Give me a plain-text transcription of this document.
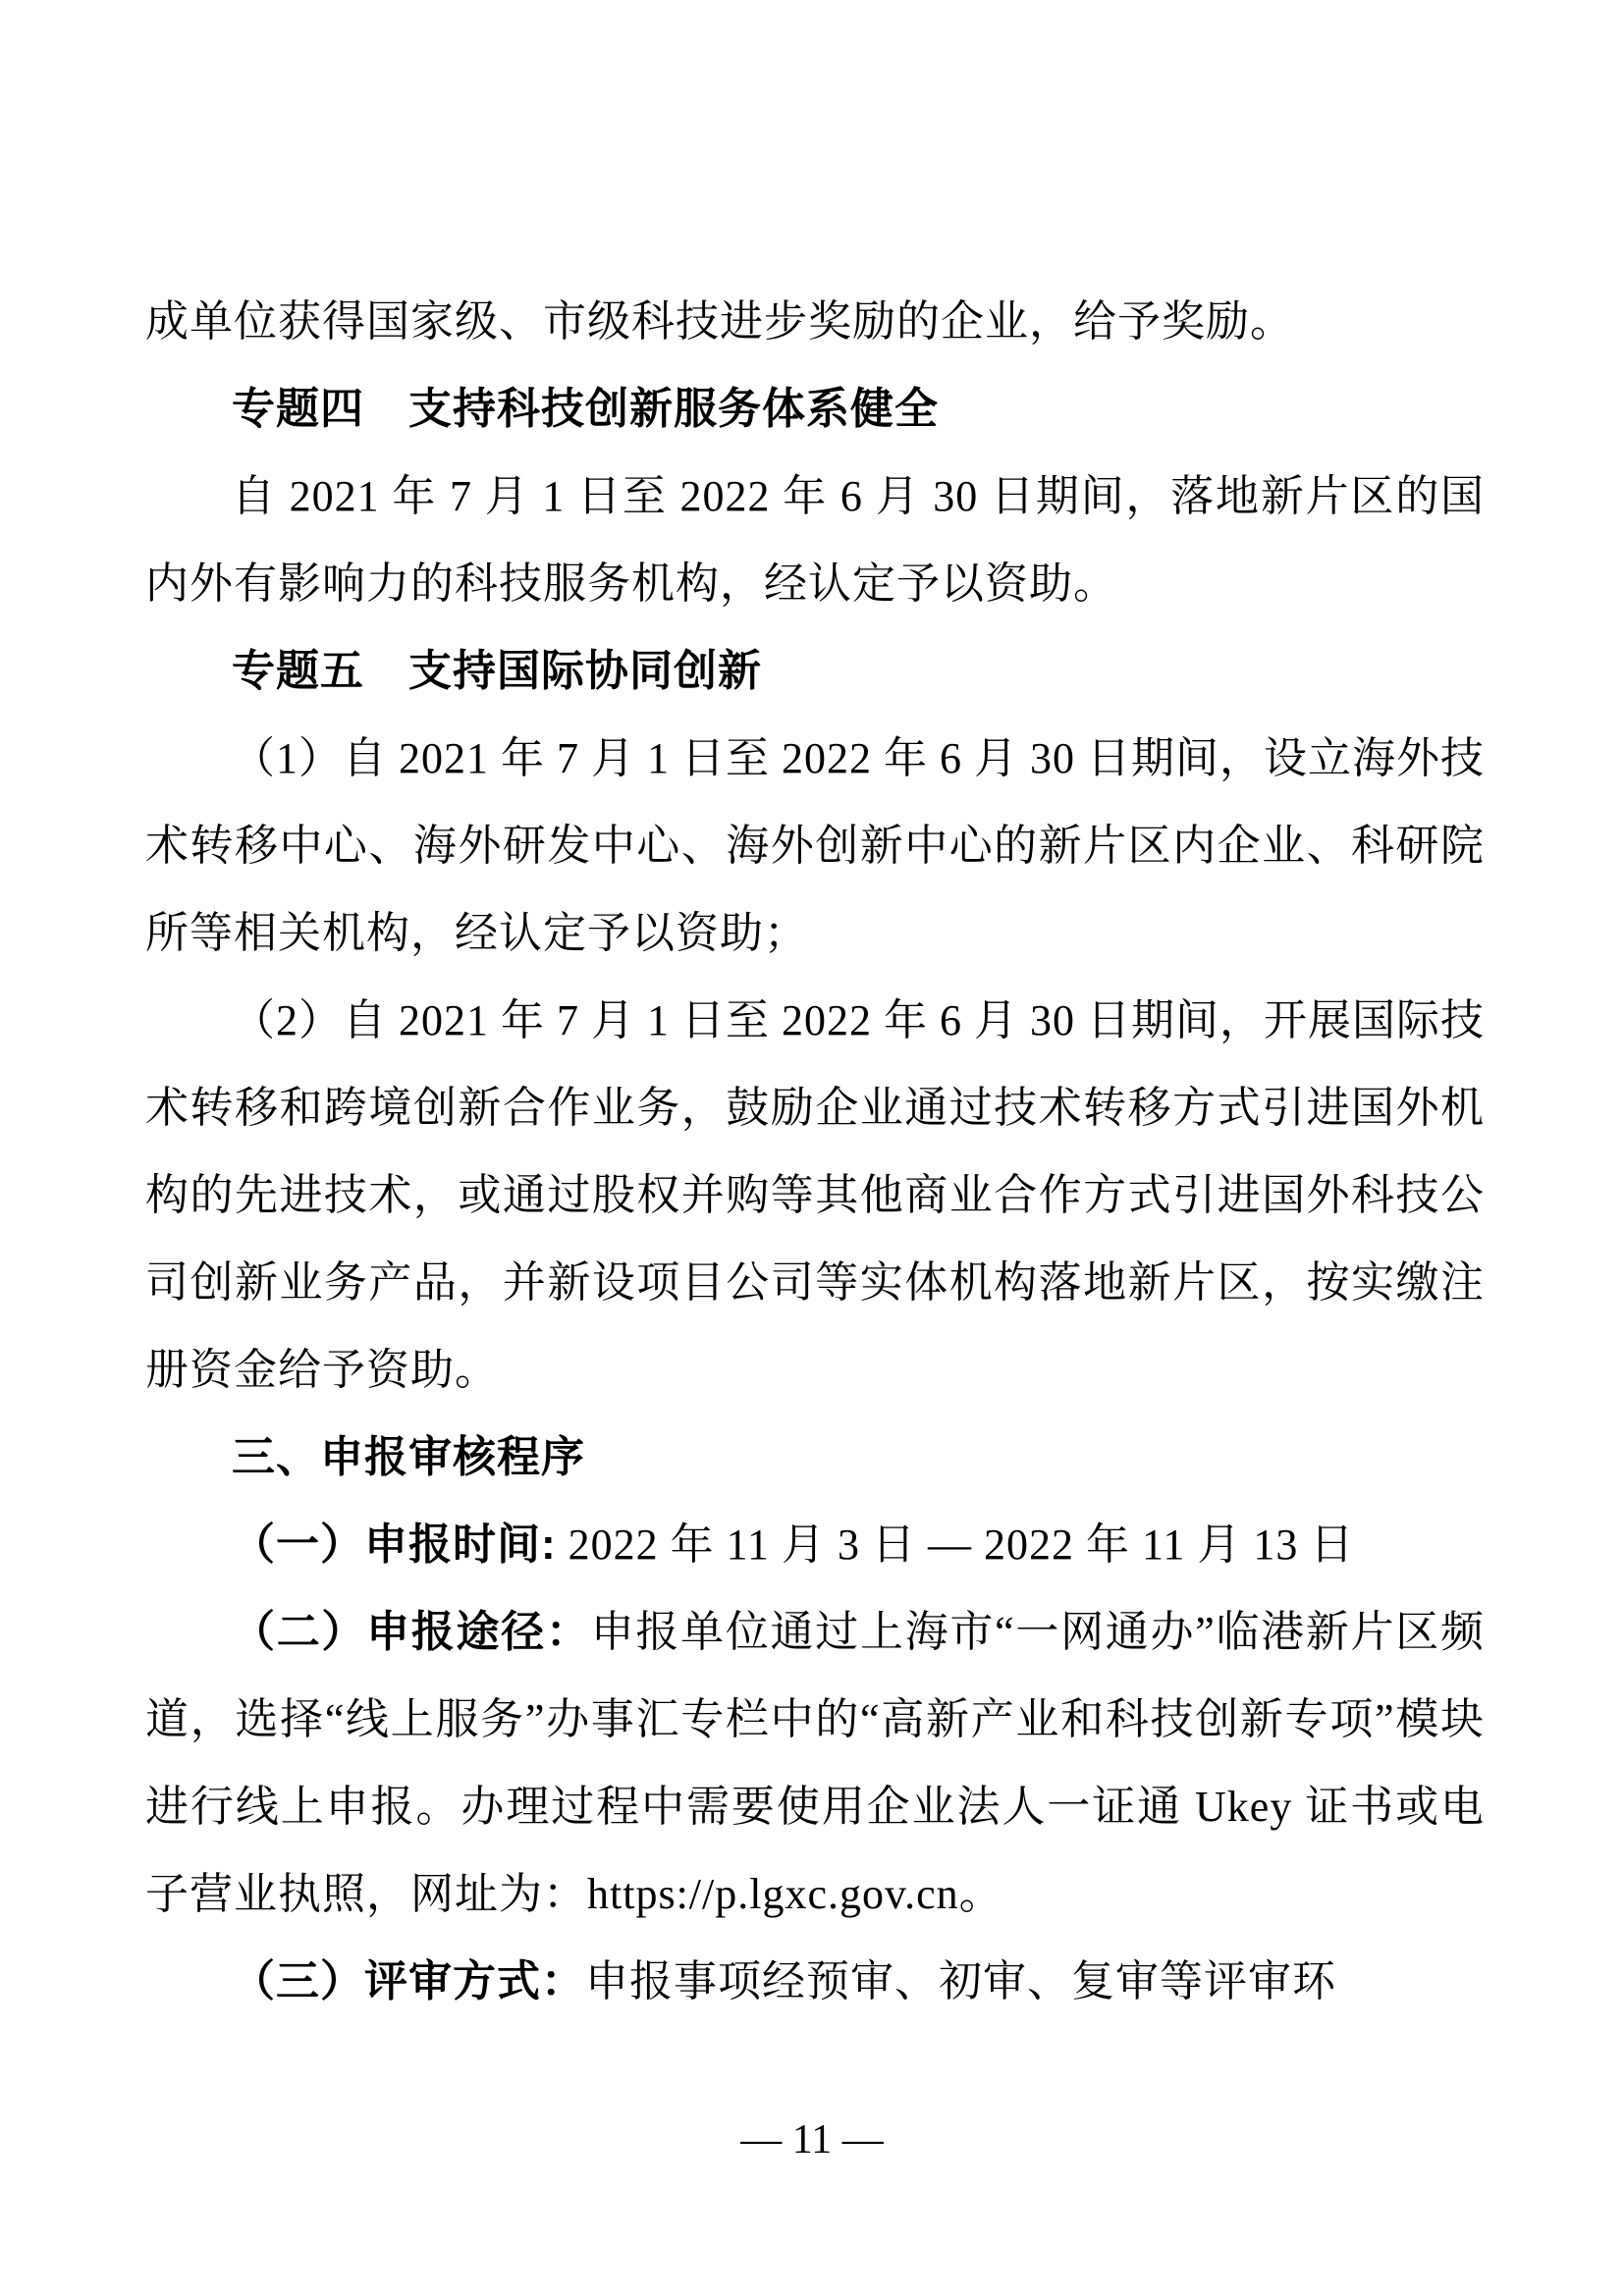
成单位获得国家级、市级科技进步奖励的企业，给予奖励。

专题四　支持科技创新服务体系健全

自 2021 年 7 月 1 日至 2022 年 6 月 30 日期间，落地新片区的国内外有影响力的科技服务机构，经认定予以资助。

专题五　支持国际协同创新

（1）自 2021 年 7 月 1 日至 2022 年 6 月 30 日期间，设立海外技术转移中心、海外研发中心、海外创新中心的新片区内企业、科研院所等相关机构，经认定予以资助；

（2）自 2021 年 7 月 1 日至 2022 年 6 月 30 日期间，开展国际技术转移和跨境创新合作业务，鼓励企业通过技术转移方式引进国外机构的先进技术，或通过股权并购等其他商业合作方式引进国外科技公司创新业务产品，并新设项目公司等实体机构落地新片区，按实缴注册资金给予资助。

三、申报审核程序

（一）申报时间: 2022 年 11 月 3 日 — 2022 年 11 月 13 日

（二）申报途径：申报单位通过上海市“一网通办”临港新片区频道，选择“线上服务”办事汇专栏中的“高新产业和科技创新专项”模块进行线上申报。办理过程中需要使用企业法人一证通 Ukey 证书或电子营业执照，网址为：https://p.lgxc.gov.cn。

（三）评审方式：申报事项经预审、初审、复审等评审环

— 11 —
